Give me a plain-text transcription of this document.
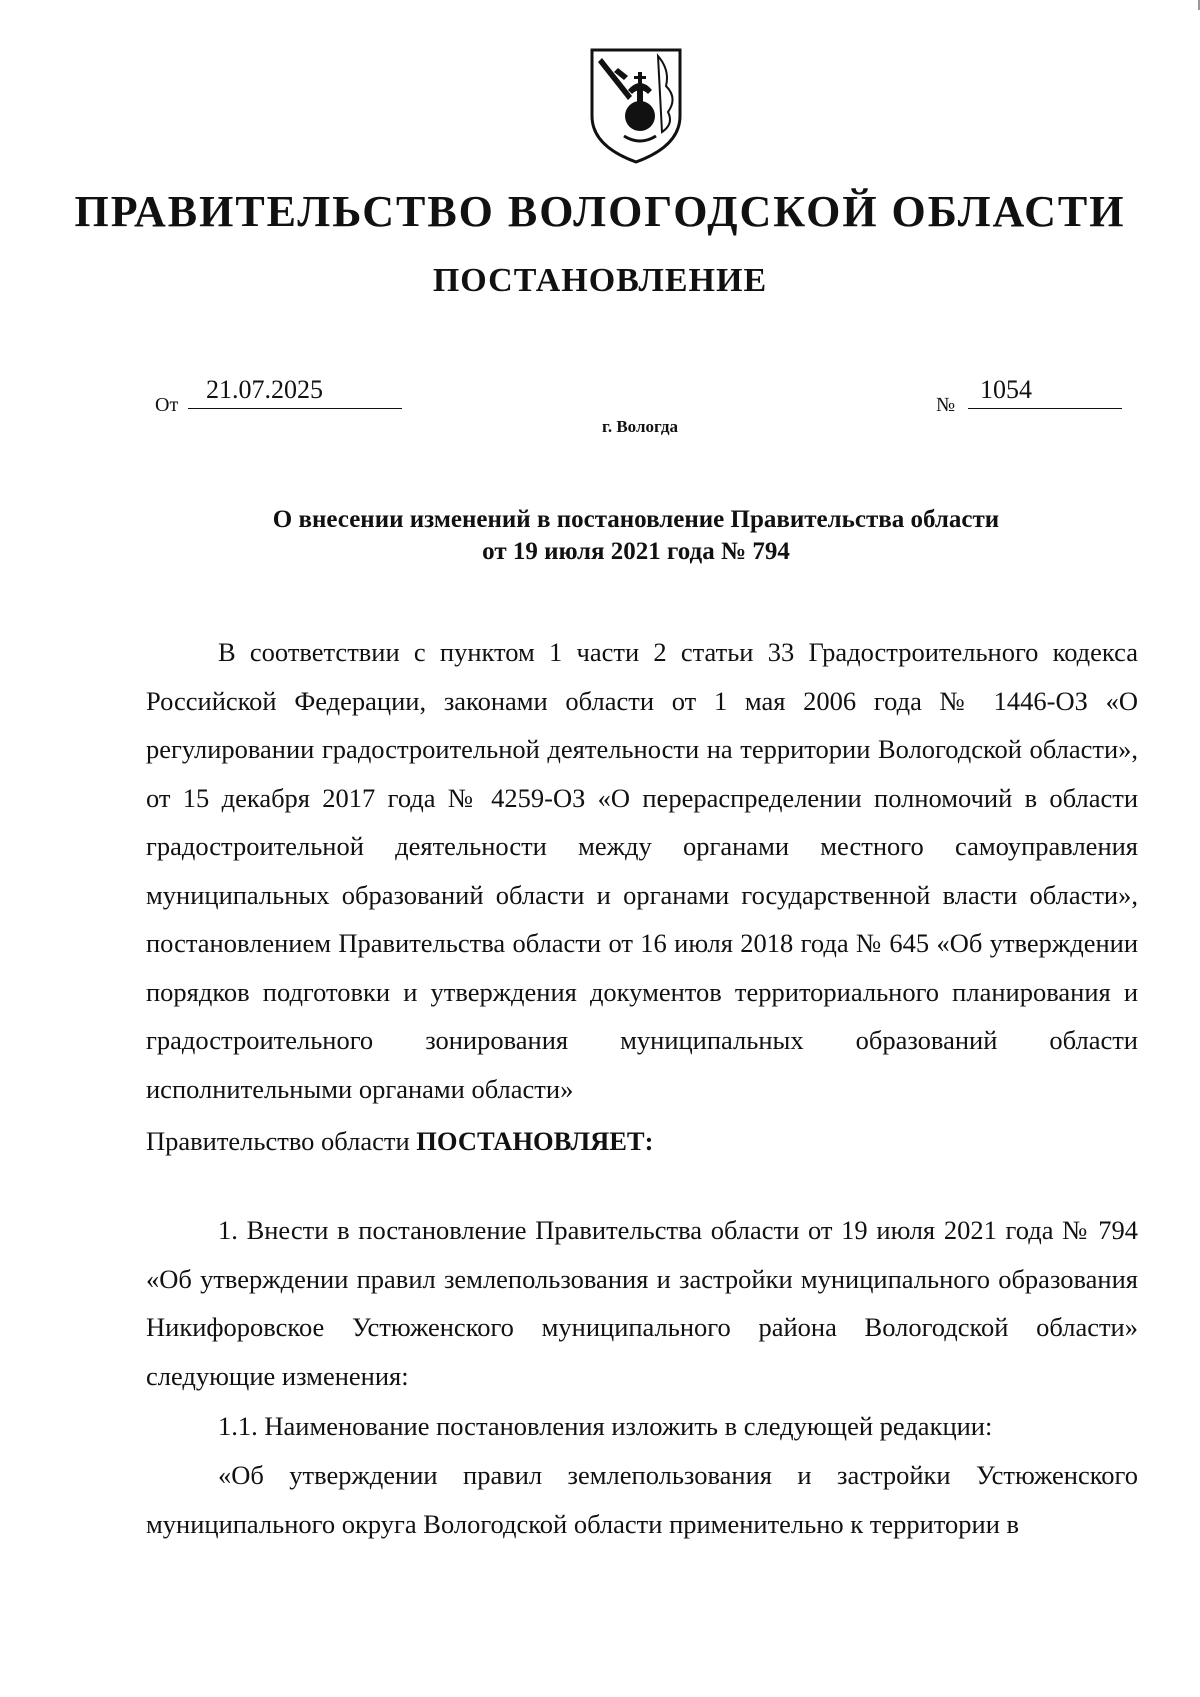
ПРАВИТЕЛЬСТВО ВОЛОГОДСКОЙ ОБЛАСТИ
ПОСТАНОВЛЕНИЕ
От
21.07.2025
№
1054
г. Вологда
О внесении изменений в постановление Правительства области
от 19 июля 2021 года № 794
В соответствии с пунктом 1 части 2 статьи 33 Градостроительного кодекса Российской Федерации, законами области от 1 мая 2006 года № 1446-ОЗ «О регулировании градостроительной деятельности на территории Вологодской области», от 15 декабря 2017 года № 4259-ОЗ «О перераспределении полномочий в области градостроительной деятельности между органами местного самоуправления муниципальных образований области и органами государственной власти области», постановлением Правительства области от 16 июля 2018 года № 645 «Об утверждении порядков подготовки и утверждения документов территориального планирования и градостроительного зонирования муниципальных образований области исполнительными органами области»
Правительство области ПОСТАНОВЛЯЕТ:
1. Внести в постановление Правительства области от 19 июля 2021 года № 794 «Об утверждении правил землепользования и застройки муниципального образования Никифоровское Устюженского муниципального района Вологодской области» следующие изменения:
1.1. Наименование постановления изложить в следующей редакции:
«Об утверждении правил землепользования и застройки Устюженского муниципального округа Вологодской области применительно к территории в
